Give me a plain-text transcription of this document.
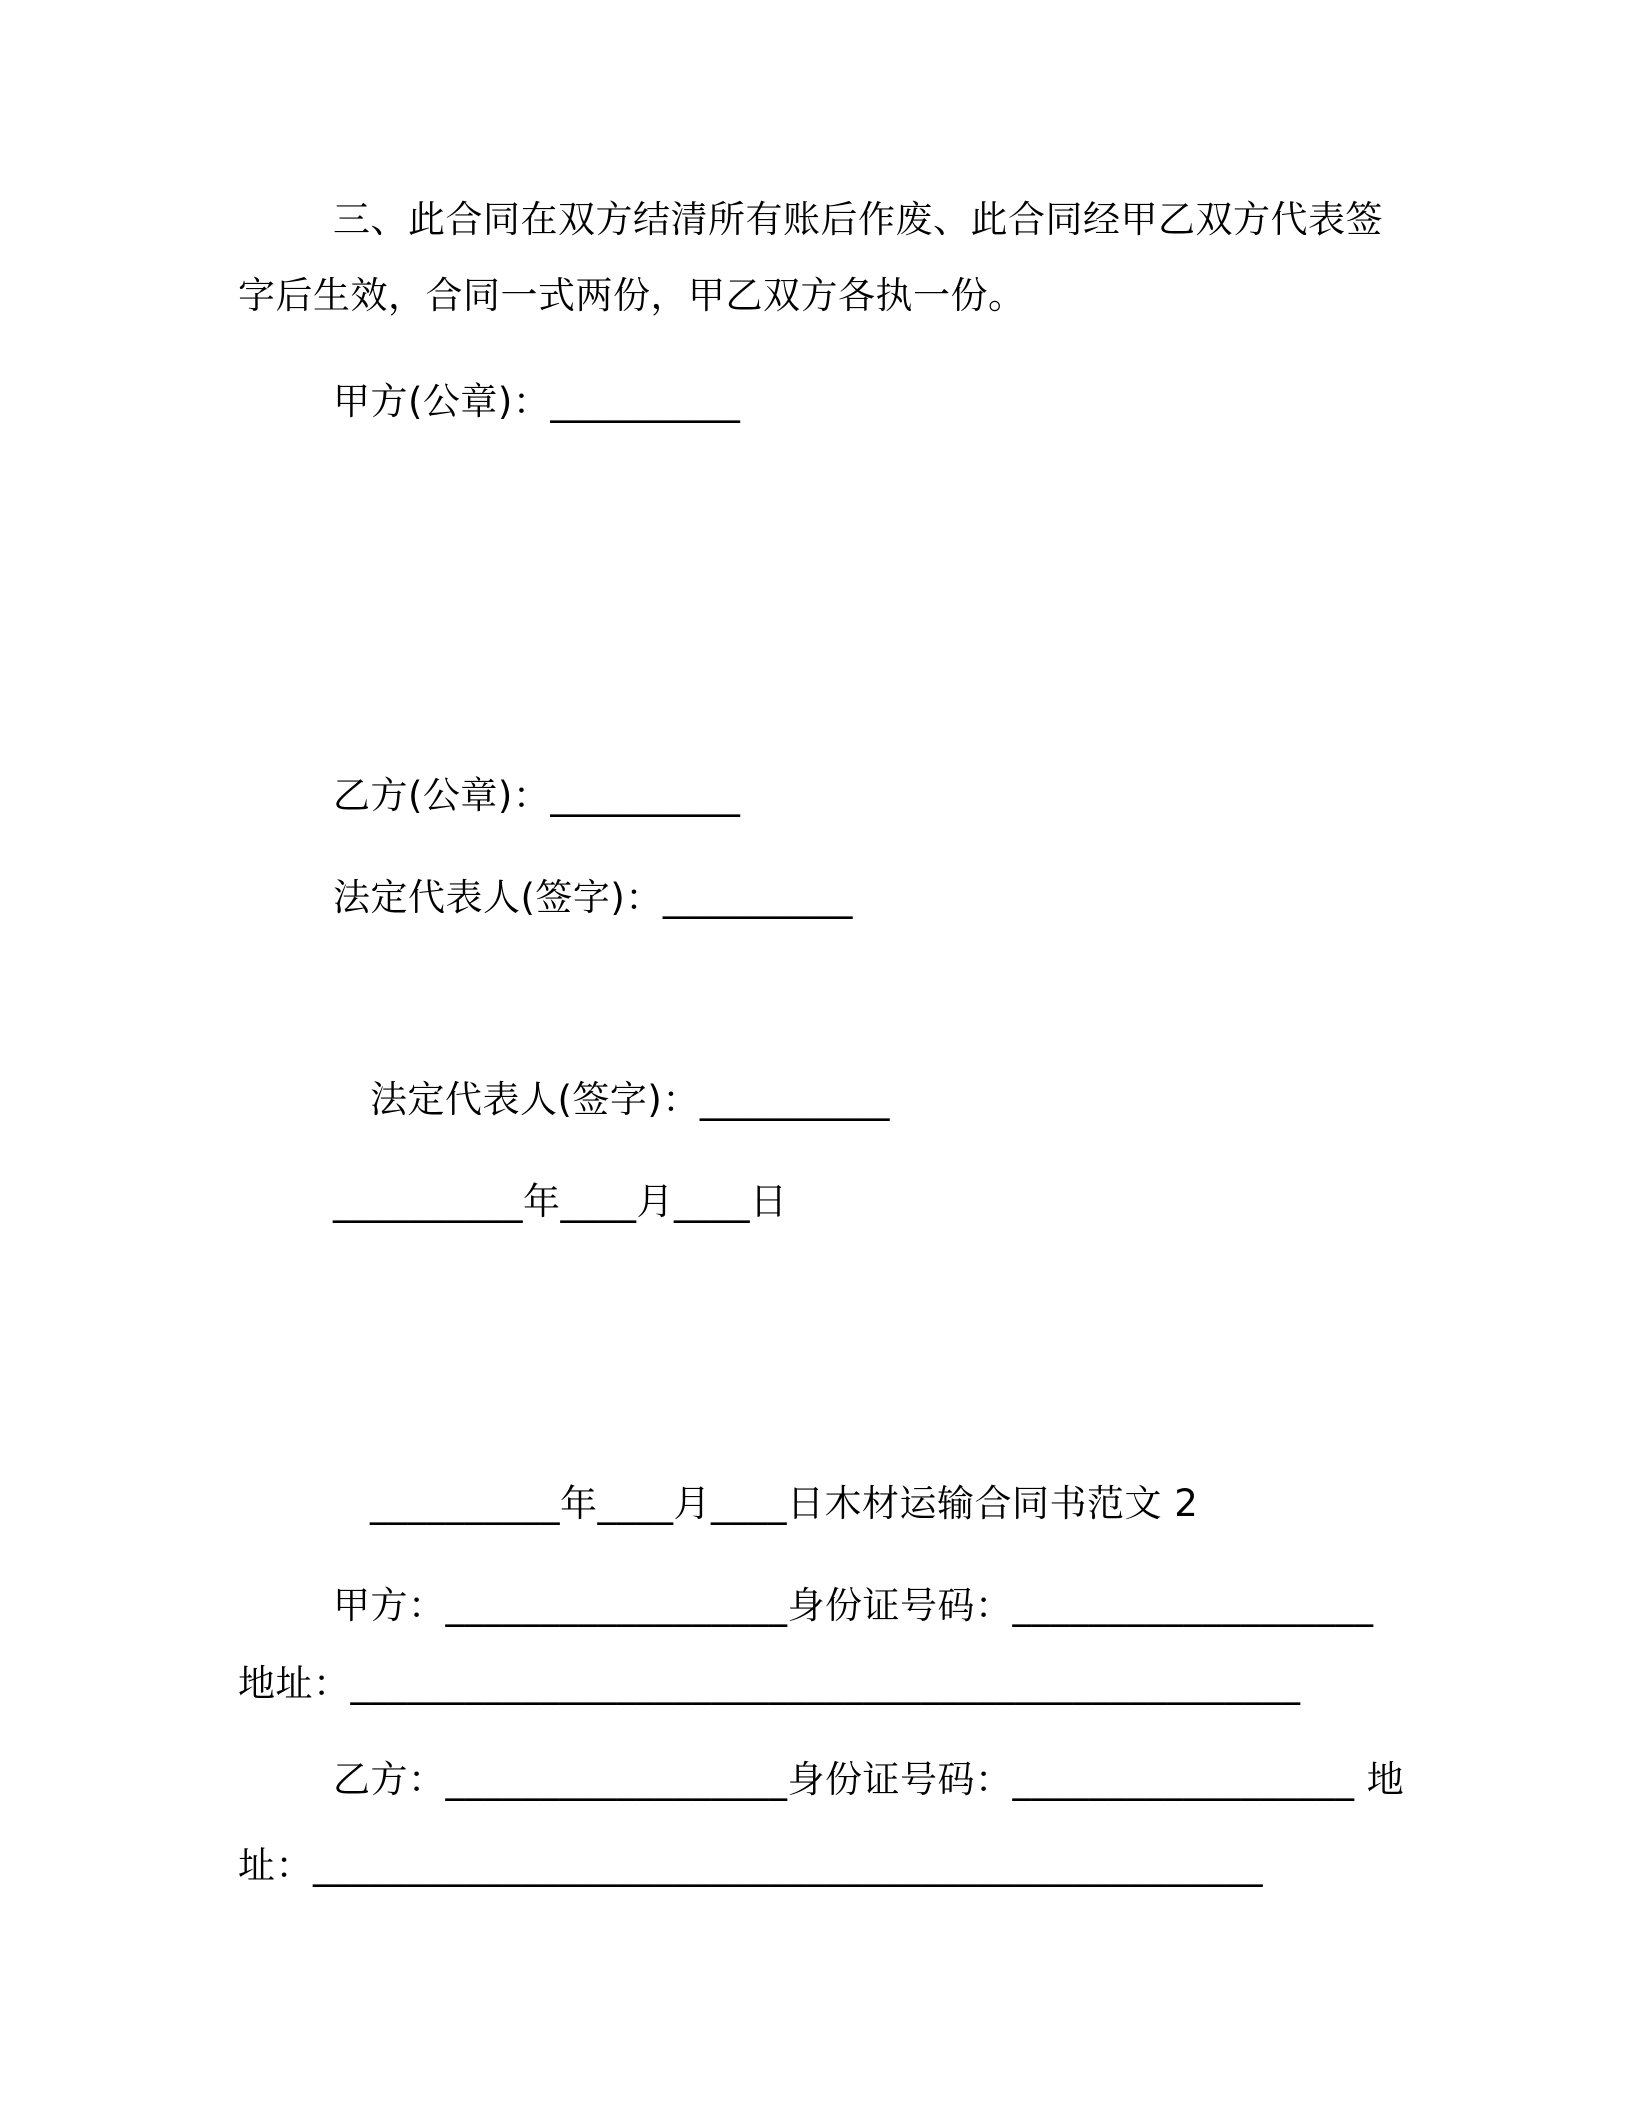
三、此合同在双方结清所有账后作废、此合同经甲乙双方代表签
字后生效，合同一式两份，甲乙双方各执一份。
甲方(公章)：__________
乙方(公章)：__________
法定代表人(签字)：__________
法定代表人(签字)：__________
__________年____月____日
__________年____月____日木材运输合同书范文 2
甲方：__________________身份证号码：___________________
地址：__________________________________________________
乙方：__________________身份证号码：__________________ 地
址：__________________________________________________
